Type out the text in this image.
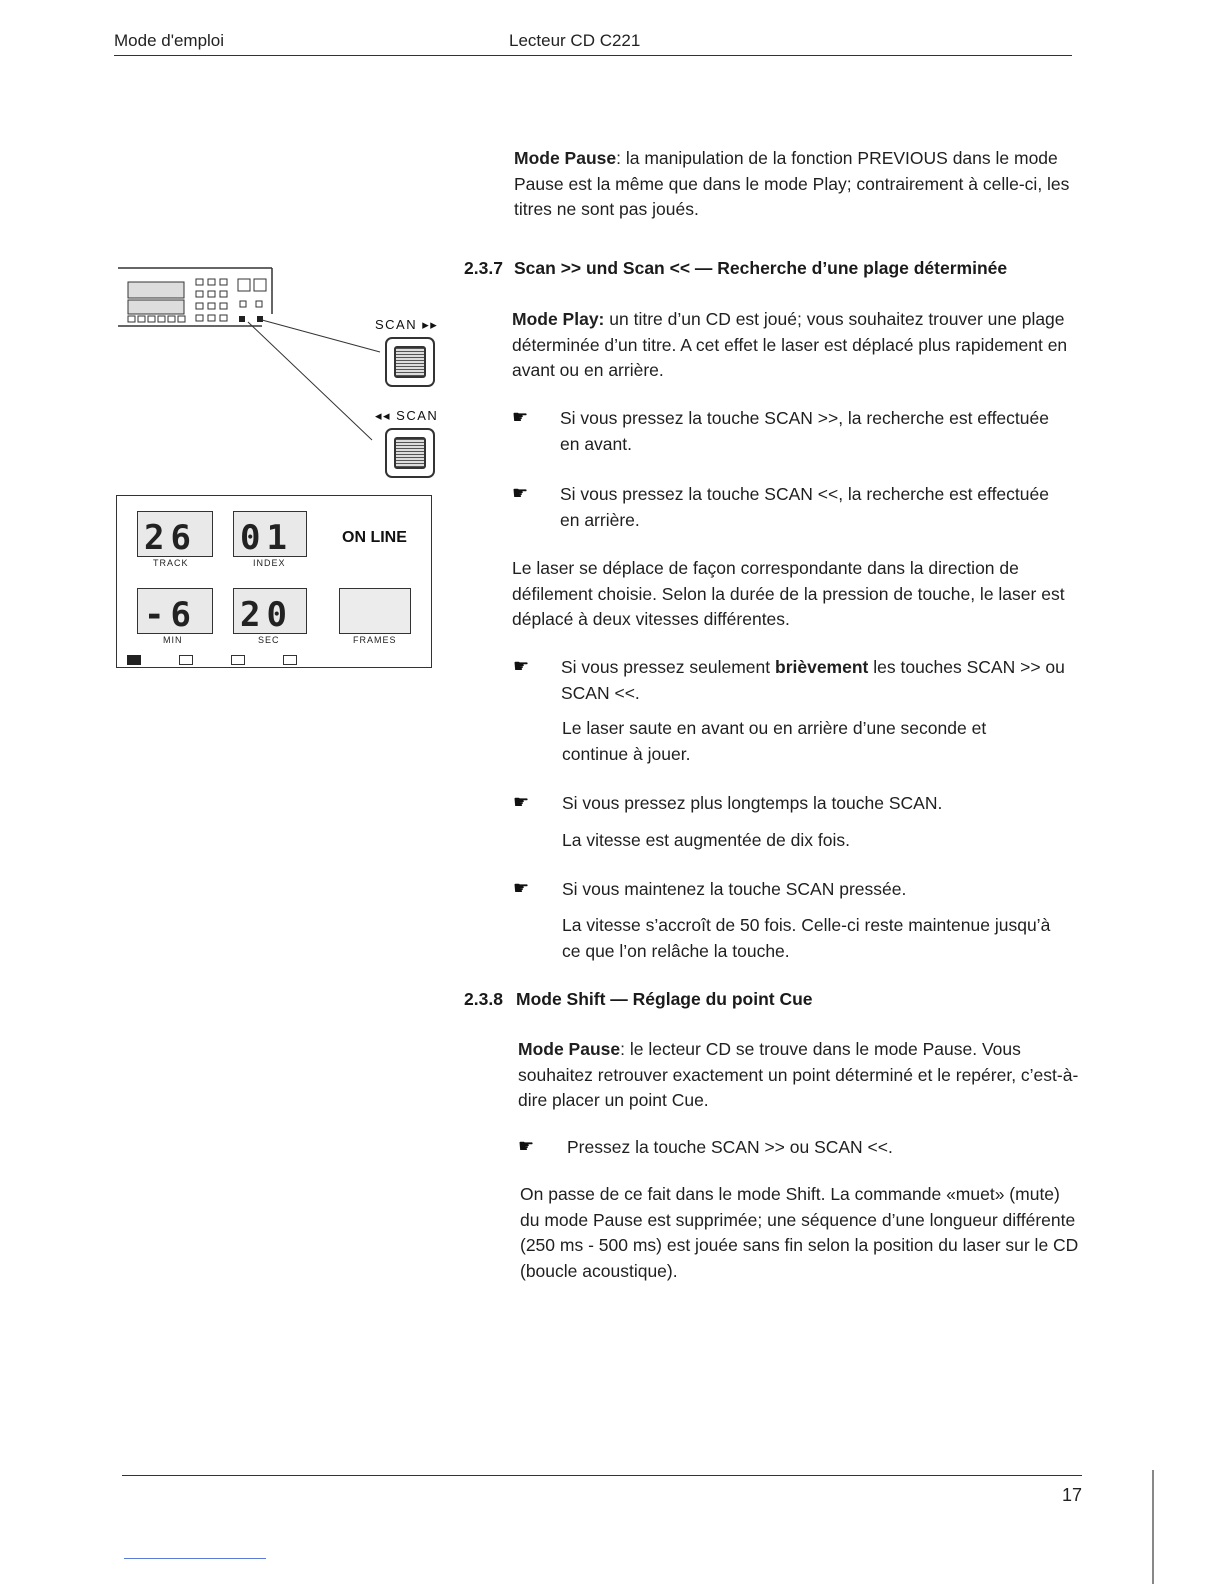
Mode d'emploi	Lecteur CD C221
SCAN ▸▸
◂◂ SCAN
26
TRACK
01
INDEX
ON LINE
-6
MIN
20
SEC	FRAMES

Mode Pause: la manipulation de la fonction PREVIOUS dans le mode Pause est la même que dans le mode Play; contrairement à celle-ci, les titres ne sont pas joués.

2.3.7 Scan >> und Scan << — Recherche d’une plage déterminée

Mode Play: un titre d’un CD est joué; vous souhaitez trouver une plage déterminée d’un titre. A cet effet le laser est déplacé plus rapidement en avant ou en arrière.

☛ Si vous pressez la touche SCAN >>, la recherche est effectuée en avant.

☛ Si vous pressez la touche SCAN <<, la recherche est effectuée en arrière.

Le laser se déplace de façon correspondante dans la direction de défilement choisie. Selon la durée de la pression de touche, le laser est déplacé à deux vitesses différentes.

☛ Si vous pressez seulement brièvement les touches SCAN >> ou SCAN <<.

Le laser saute en avant ou en arrière d’une seconde et continue à jouer.

☛ Si vous pressez plus longtemps la touche SCAN.

La vitesse est augmentée de dix fois.

☛ Si vous maintenez la touche SCAN pressée.

La vitesse s’accroît de 50 fois. Celle-ci reste maintenue jusqu’à ce que l’on relâche la touche.

2.3.8 Mode Shift — Réglage du point Cue

Mode Pause: le lecteur CD se trouve dans le mode Pause. Vous souhaitez retrouver exactement un point déterminé et le repérer, c’est-à-dire placer un point Cue.

☛ Pressez la touche SCAN >> ou SCAN <<.

On passe de ce fait dans le mode Shift. La commande «muet» (mute) du mode Pause est supprimée; une séquence d’une longueur différente (250 ms - 500 ms) est jouée sans fin selon la position du laser sur le CD (boucle acoustique).

17
